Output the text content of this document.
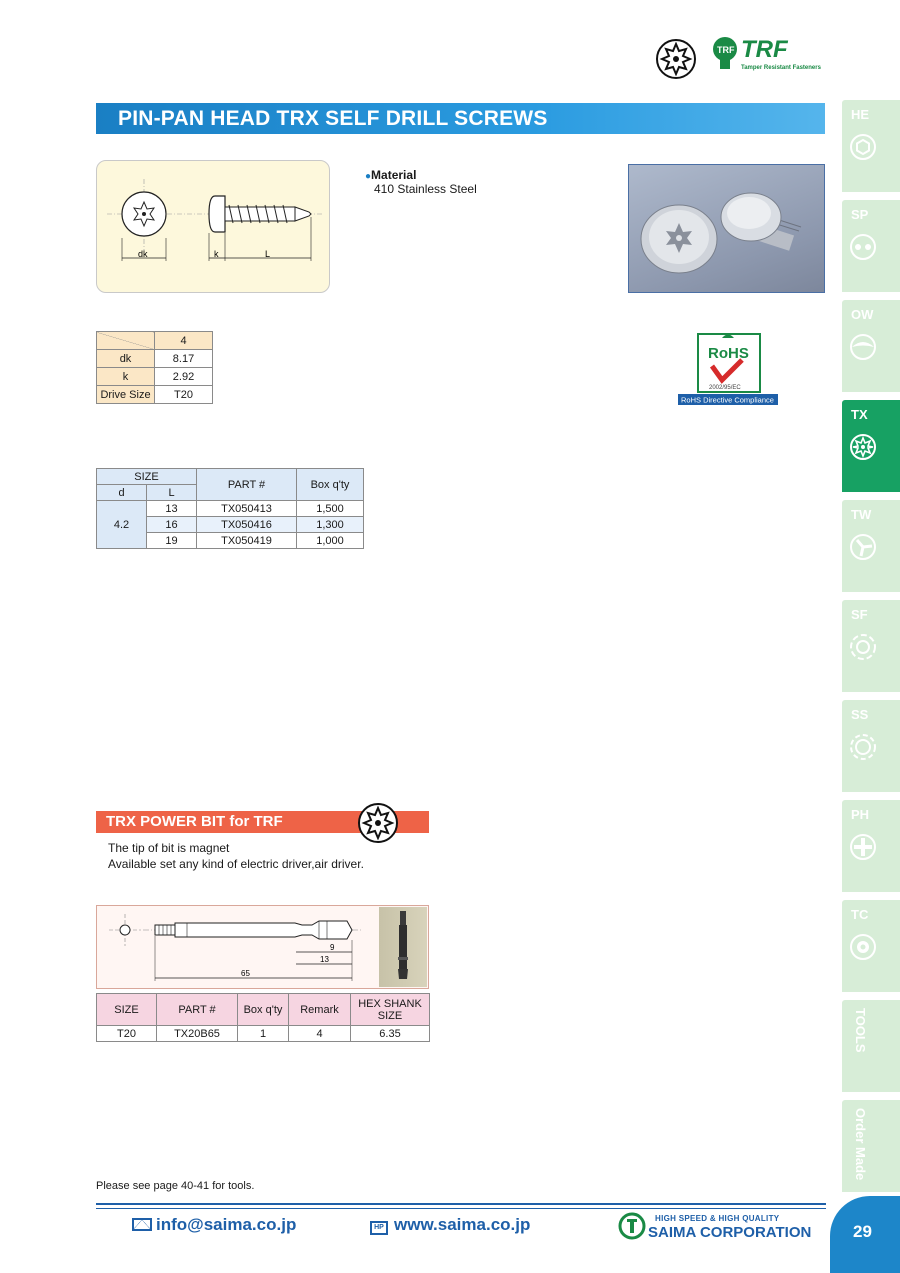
TRF TRF
Tamper Resistant Fasteners
PIN-PAN HEAD TRX SELF DRILL SCREWS	HE
SP
OW
TX
TW
SF
SS
PH
TC
TOOLS
Order Made
dk	k	L
●Material
410 Stainless Steel
	4
dk	8.17
k	2.92
Drive Size	T20
RoHS
2002/95/EC
RoHS Directive Compliance
SIZE		PART #	Box q'ty
d	L		
4.2	13	TX050413	1,500
	16	TX050416	1,300
	19	TX050419	1,000
TRX POWER BIT for TRF
The tip of bit is magnet
Available set any kind of electric driver,air driver.
9
13
65
SIZE	PART #	Box q'ty	Remark	HEX SHANK SIZE
T20	TX20B65	1	4	6.35
Please see page 40-41 for tools.
info@saima.co.jp	HP www.saima.co.jp	HIGH SPEED & HIGH QUALITY
SAIMA CORPORATION 29
